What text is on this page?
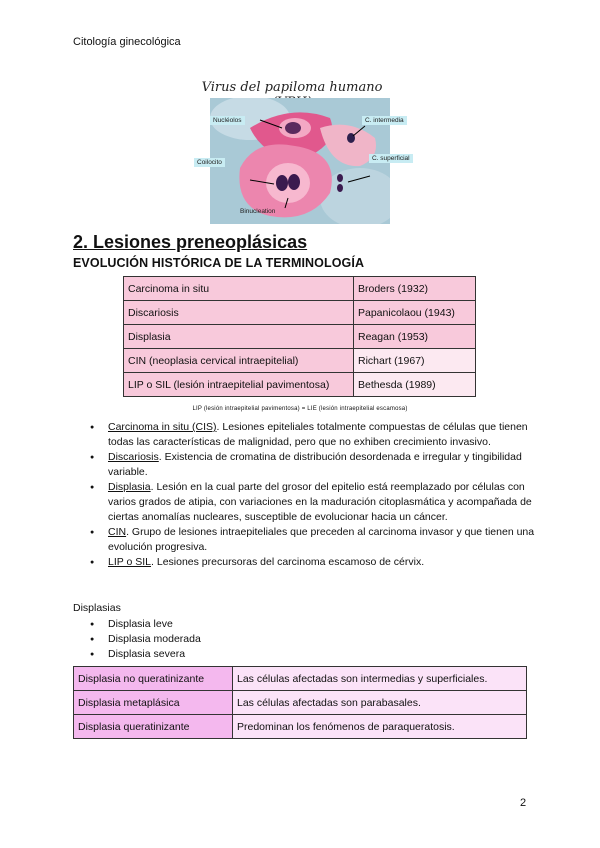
Citología ginecológica
Virus del papiloma humano
Nucléolos	C. intermedia
C. superficial
Coilocito
Binucleation
2. Lesiones preneoplásicas
EVOLUCIÓN HISTÓRICA DE LA TERMINOLOGÍA
Carcinoma in situ	Broders (1932)
Discariosis	Papanicolaou (1943)
Displasia	Reagan (1953)
CIN (neoplasia cervical intraepitelial)	Richart (1967)
LIP o SIL (lesión intraepitelial pavimentosa)	Bethesda (1989)
LIP (lesión intraepitelial pavimentosa) = LIE (lesión intraepitelial escamosa)
● Carcinoma in situ (CIS). Lesiones epiteliales totalmente compuestas de células que tienen todas las características de malignidad, pero que no exhiben crecimiento invasivo.
● Discariosis. Existencia de cromatina de distribución desordenada e irregular y tingibilidad variable.
● Displasia. Lesión en la cual parte del grosor del epitelio está reemplazado por células con varios grados de atipia, con variaciones en la maduración citoplasmática y acompañada de ciertas anomalías nucleares, susceptible de evolucionar hacia un cáncer.
● CIN. Grupo de lesiones intraepiteliales que preceden al carcinoma invasor y que tienen una evolución progresiva.
● LIP o SIL. Lesiones precursoras del carcinoma escamoso de cérvix.
Displasias
● Displasia leve
● Displasia moderada
● Displasia severa
Displasia no queratinizante	Las células afectadas son intermedias y superficiales.
Displasia metaplásica	Las células afectadas son parabasales.
Displasia queratinizante	Predominan los fenómenos de paraqueratosis.
2
